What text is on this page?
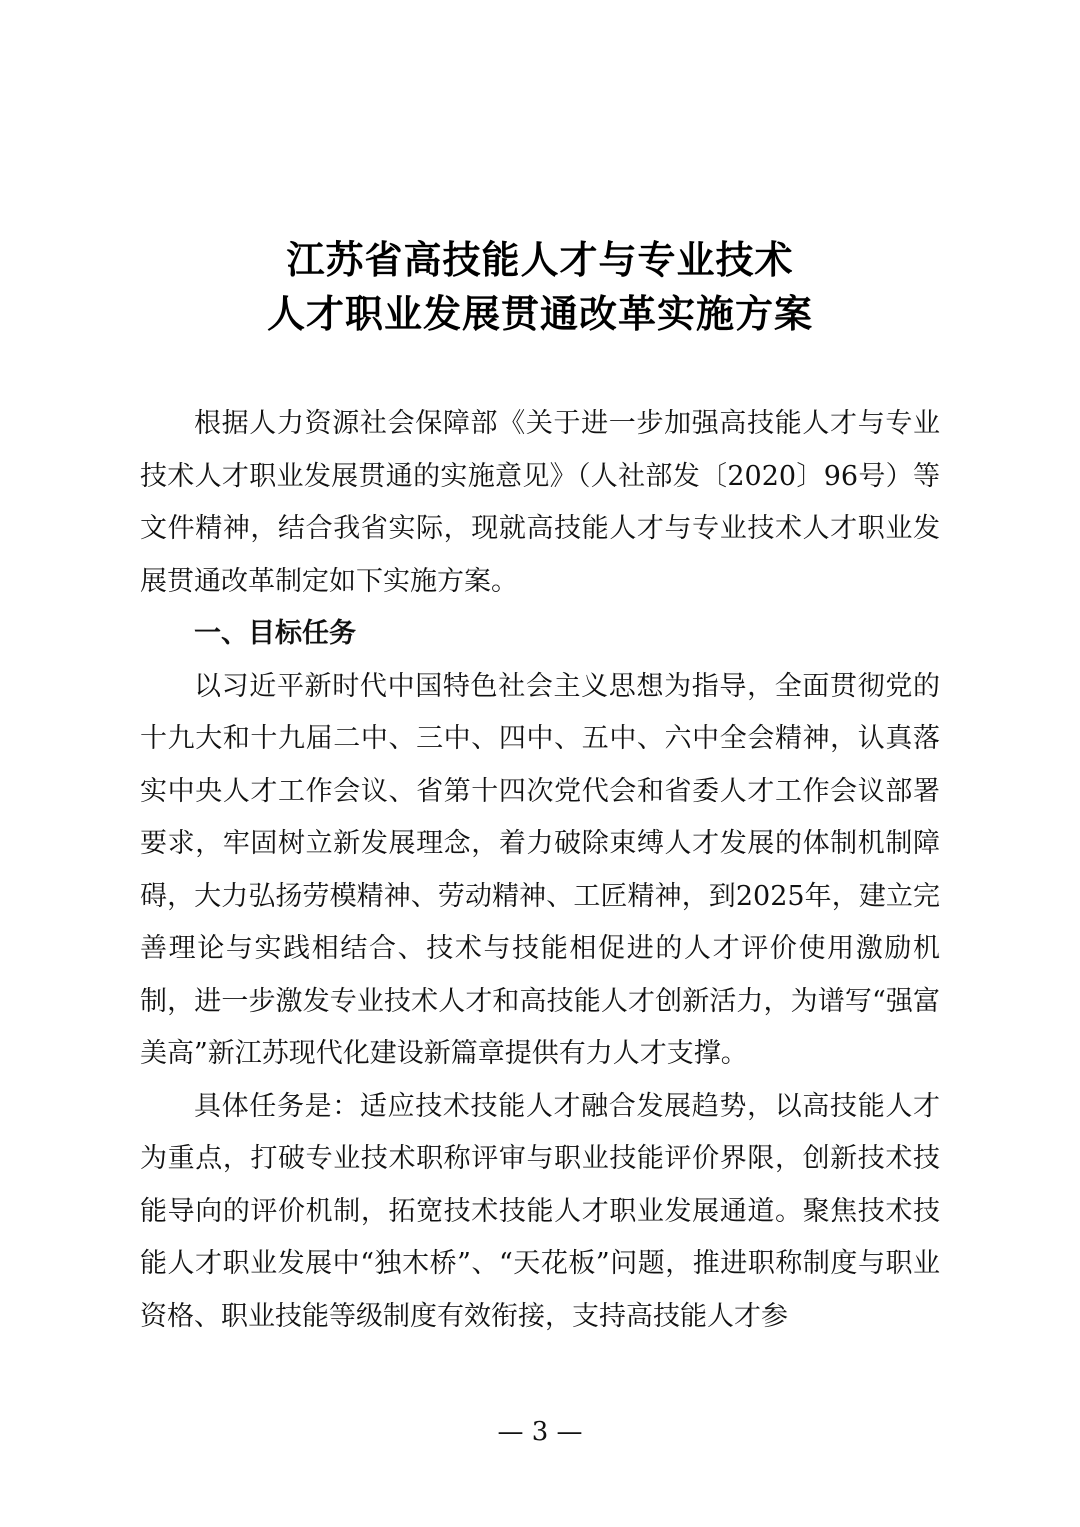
江苏省高技能人才与专业技术
人才职业发展贯通改革实施方案

根据人力资源社会保障部《关于进一步加强高技能人才与专业技术人才职业发展贯通的实施意见》（人社部发〔2020〕96号）等文件精神，结合我省实际，现就高技能人才与专业技术人才职业发展贯通改革制定如下实施方案。

一、目标任务

以习近平新时代中国特色社会主义思想为指导，全面贯彻党的十九大和十九届二中、三中、四中、五中、六中全会精神，认真落实中央人才工作会议、省第十四次党代会和省委人才工作会议部署要求，牢固树立新发展理念，着力破除束缚人才发展的体制机制障碍，大力弘扬劳模精神、劳动精神、工匠精神，到2025年，建立完善理论与实践相结合、技术与技能相促进的人才评价使用激励机制，进一步激发专业技术人才和高技能人才创新活力，为谱写“强富美高”新江苏现代化建设新篇章提供有力人才支撑。

具体任务是：适应技术技能人才融合发展趋势，以高技能人才为重点，打破专业技术职称评审与职业技能评价界限，创新技术技能导向的评价机制，拓宽技术技能人才职业发展通道。聚焦技术技能人才职业发展中“独木桥”、“天花板”问题，推进职称制度与职业资格、职业技能等级制度有效衔接，支持高技能人才参

— 3 —
